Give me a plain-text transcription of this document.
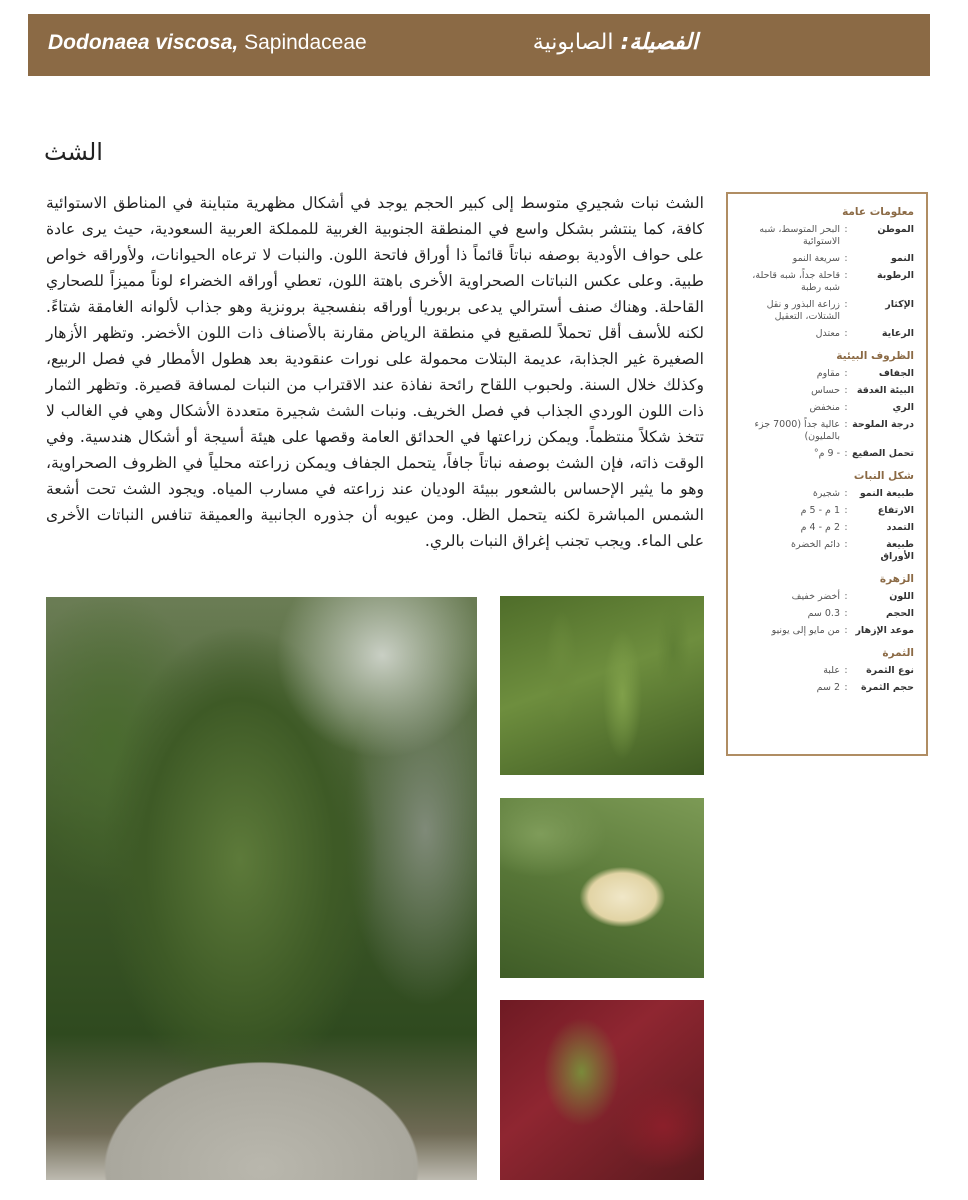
Dodonaea viscosa, Sapindaceae	الفصيلة: الصابونية
الشث
الشث نبات شجيري متوسط إلى كبير الحجم يوجد في أشكال مظهرية متباينة في المناطق الاستوائية كافة، كما ينتشر بشكل واسع في المنطقة الجنوبية الغربية للمملكة العربية السعودية، حيث يرى عادة على حواف الأودية بوصفه نباتاً قائماً ذا أوراق فاتحة اللون. والنبات لا ترعاه الحيوانات، ولأوراقه خواص طبية. وعلى عكس النباتات الصحراوية الأخرى باهتة اللون، تعطي أوراقه الخضراء لوناً مميزاً للصحاري القاحلة. وهناك صنف أسترالي يدعى بربوريا أوراقه بنفسجية برونزية وهو جذاب لألوانه الغامقة شتاءً. لكنه للأسف أقل تحملاً للصقيع في منطقة الرياض مقارنة بالأصناف ذات اللون الأخضر. وتظهر الأزهار الصغيرة غير الجذابة، عديمة البتلات محمولة على نورات عنقودية بعد هطول الأمطار في فصل الربيع، وكذلك خلال السنة. ولحبوب اللقاح رائحة نفاذة عند الاقتراب من النبات لمسافة قصيرة. وتظهر الثمار ذات اللون الوردي الجذاب في فصل الخريف. ونبات الشث شجيرة متعددة الأشكال وهي في الغالب لا تتخذ شكلاً منتظماً. ويمكن زراعتها في الحدائق العامة وقصها على هيئة أسيجة أو أشكال هندسية. وفي الوقت ذاته، فإن الشث بوصفه نباتاً جافاً، يتحمل الجفاف ويمكن زراعته محلياً في الظروف الصحراوية، وهو ما يثير الإحساس بالشعور ببيئة الوديان عند زراعته في مسارب المياه. ويجود الشث تحت أشعة الشمس المباشرة لكنه يتحمل الظل. ومن عيوبه أن جذوره الجانبية والعميقة تنافس النباتات الأخرى على الماء. ويجب تجنب إغراق النبات بالري.
معلومات عامة
الموطن
:
البحر المتوسط، شبه الاستوائية
النمو
:
سريعة النمو
الرطوبة
:
قاحلة جداً، شبه قاحلة، شبه رطبة
الإكثار
:
زراعة البذور و نقل الشتلات، التعقيل
الرعاية
:
معتدل
الظروف البيئية
الجفاف
:
مقاوم
البيئة الغدقة
:
حساس
الري
:
منخفض
درجة الملوحة
:
عالية جداً (7000 جزء بالمليون)
تحمل الصقيع
:
- 9 م°
شكل النبات
طبيعة النمو
:
شجيرة
الارتفاع
:
1 م - 5 م
التمدد
:
2 م - 4 م
طبيعة الأوراق
:
دائم الخضرة
الزهرة
اللون
:
أخضر خفيف
الحجم
:
0.3 سم
موعد الإزهار
:
من مايو إلى يونيو
الثمرة
نوع الثمرة
:
علبة
حجم الثمرة
:
2 سم
